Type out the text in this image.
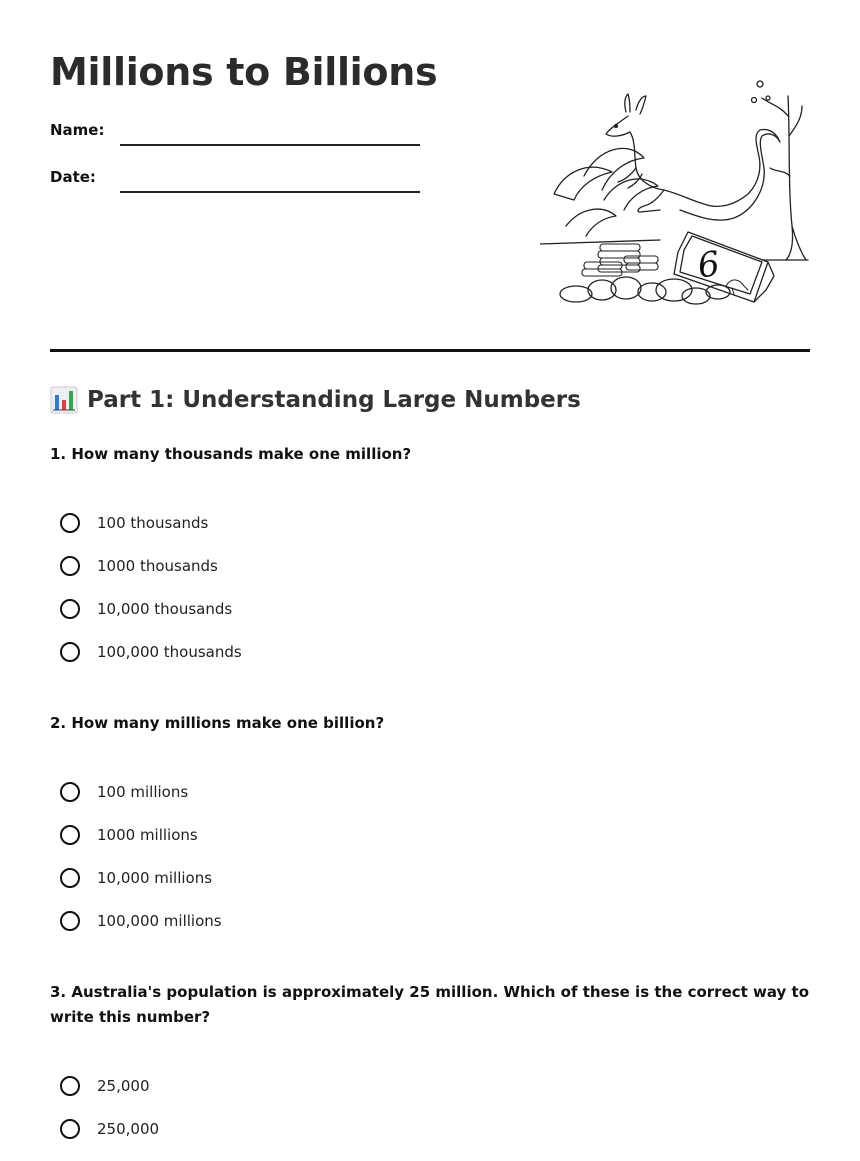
Millions to Billions
Name:
Date:
6
Part 1: Understanding Large Numbers

1. How many thousands make one million?

100 thousands
1000 thousands
10,000 thousands
100,000 thousands

2. How many millions make one billion?

100 millions
1000 millions
10,000 millions
100,000 millions

3. Australia's population is approximately 25 million. Which of these is the correct way to write this number?

25,000
250,000
